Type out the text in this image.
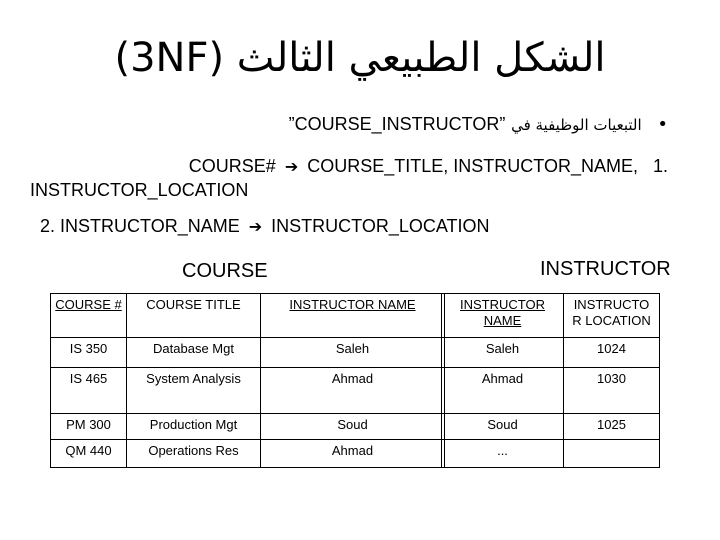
الشكل الطبيعي الثالث (3NF)
• التبعيات الوظيفية في ”COURSE_INSTRUCTOR”
COURSE# ➔ COURSE_TITLE, INSTRUCTOR_NAME, 1.
INSTRUCTOR_LOCATION
2. INSTRUCTOR_NAME ➔ INSTRUCTOR_LOCATION
COURSE	INSTRUCTOR
COURSE #	COURSE TITLE	INSTRUCTOR NAME
IS 350	Database Mgt	Saleh
IS 465	System Analysis	Ahmad
PM 300	Production Mgt	Soud
QM 440	Operations Res	Ahmad
INSTRUCTOR NAME	INSTRUCTO R LOCATION
Saleh	1024
Ahmad	1030
Soud	1025
...	
